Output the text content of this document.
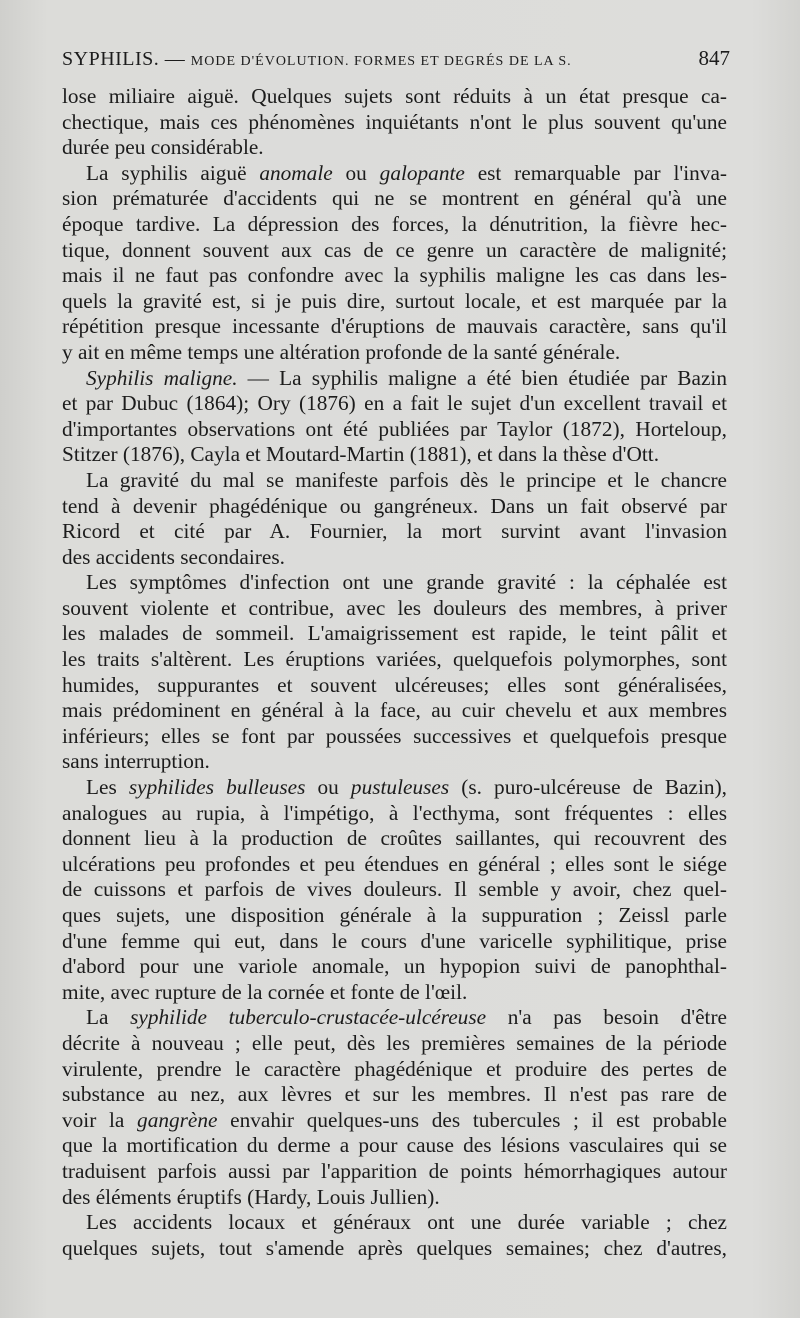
SYPHILIS. — MODE D'ÉVOLUTION. FORMES ET DEGRÉS DE LA S.	847
lose miliaire aiguë. Quelques sujets sont réduits à un état presque ca-
chectique, mais ces phénomènes inquiétants n'ont le plus souvent qu'une
durée peu considérable.
La syphilis aiguë anomale ou galopante est remarquable par l'inva-
sion prématurée d'accidents qui ne se montrent en général qu'à une
époque tardive. La dépression des forces, la dénutrition, la fièvre hec-
tique, donnent souvent aux cas de ce genre un caractère de malignité;
mais il ne faut pas confondre avec la syphilis maligne les cas dans les-
quels la gravité est, si je puis dire, surtout locale, et est marquée par la
répétition presque incessante d'éruptions de mauvais caractère, sans qu'il
y ait en même temps une altération profonde de la santé générale.
Syphilis maligne. — La syphilis maligne a été bien étudiée par Bazin
et par Dubuc (1864); Ory (1876) en a fait le sujet d'un excellent travail et
d'importantes observations ont été publiées par Taylor (1872), Horteloup,
Stitzer (1876), Cayla et Moutard-Martin (1881), et dans la thèse d'Ott.
La gravité du mal se manifeste parfois dès le principe et le chancre
tend à devenir phagédénique ou gangréneux. Dans un fait observé par
Ricord et cité par A. Fournier, la mort survint avant l'invasion
des accidents secondaires.
Les symptômes d'infection ont une grande gravité : la céphalée est
souvent violente et contribue, avec les douleurs des membres, à priver
les malades de sommeil. L'amaigrissement est rapide, le teint pâlit et
les traits s'altèrent. Les éruptions variées, quelquefois polymorphes, sont
humides, suppurantes et souvent ulcéreuses; elles sont généralisées,
mais prédominent en général à la face, au cuir chevelu et aux membres
inférieurs; elles se font par poussées successives et quelquefois presque
sans interruption.
Les syphilides bulleuses ou pustuleuses (s. puro-ulcéreuse de Bazin),
analogues au rupia, à l'impétigo, à l'ecthyma, sont fréquentes : elles
donnent lieu à la production de croûtes saillantes, qui recouvrent des
ulcérations peu profondes et peu étendues en général ; elles sont le siége
de cuissons et parfois de vives douleurs. Il semble y avoir, chez quel-
ques sujets, une disposition générale à la suppuration ; Zeissl parle
d'une femme qui eut, dans le cours d'une varicelle syphilitique, prise
d'abord pour une variole anomale, un hypopion suivi de panophthal-
mite, avec rupture de la cornée et fonte de l'œil.
La syphilide tuberculo-crustacée-ulcéreuse n'a pas besoin d'être
décrite à nouveau ; elle peut, dès les premières semaines de la période
virulente, prendre le caractère phagédénique et produire des pertes de
substance au nez, aux lèvres et sur les membres. Il n'est pas rare de
voir la gangrène envahir quelques-uns des tubercules ; il est probable
que la mortification du derme a pour cause des lésions vasculaires qui se
traduisent parfois aussi par l'apparition de points hémorrhagiques autour
des éléments éruptifs (Hardy, Louis Jullien).
Les accidents locaux et généraux ont une durée variable ; chez
quelques sujets, tout s'amende après quelques semaines; chez d'autres,
